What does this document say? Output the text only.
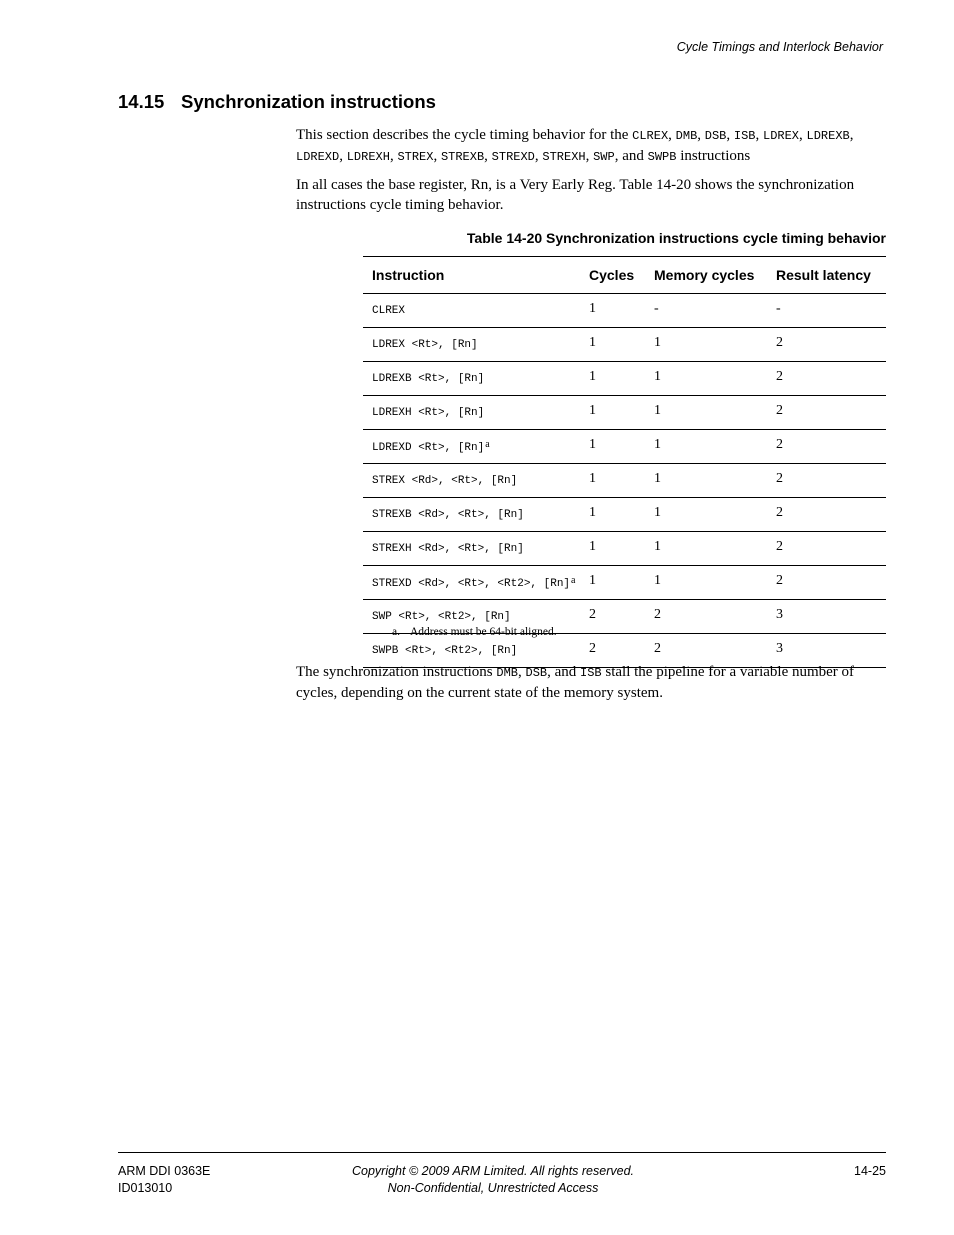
Cycle Timings and Interlock Behavior
14.15 Synchronization instructions

This section describes the cycle timing behavior for the CLREX, DMB, DSB, ISB, LDREX, LDREXB, LDREXD, LDREXH, STREX, STREXB, STREXD, STREXH, SWP, and SWPB instructions

In all cases the base register, Rn, is a Very Early Reg. Table 14-20 shows the synchronization instructions cycle timing behavior.

Table 14-20 Synchronization instructions cycle timing behavior
Instruction	Cycles	Memory cycles	Result latency
CLREX	1	-	-
LDREX <Rt>, [Rn]	1	1	2
LDREXB <Rt>, [Rn]	1	1	2
LDREXH <Rt>, [Rn]	1	1	2
LDREXD <Rt>, [Rn]$^a$	1	1	2
STREX <Rd>, <Rt>, [Rn]	1	1	2
STREXB <Rd>, <Rt>, [Rn]	1	1	2
STREXH <Rd>, <Rt>, [Rn]	1	1	2
STREXD <Rd>, <Rt>, <Rt2>, [Rn]$^a$	1	1	2
SWP <Rt>, <Rt2>, [Rn]	2	2	3
SWPB <Rt>, <Rt2>, [Rn]	2	2	3
a. Address must be 64-bit aligned.

The synchronization instructions DMB, DSB, and ISB stall the pipeline for a variable number of cycles, depending on the current state of the memory system.

ARM DDI 0363E
ID013010
Copyright © 2009 ARM Limited. All rights reserved.
Non-Confidential, Unrestricted Access
14-25
